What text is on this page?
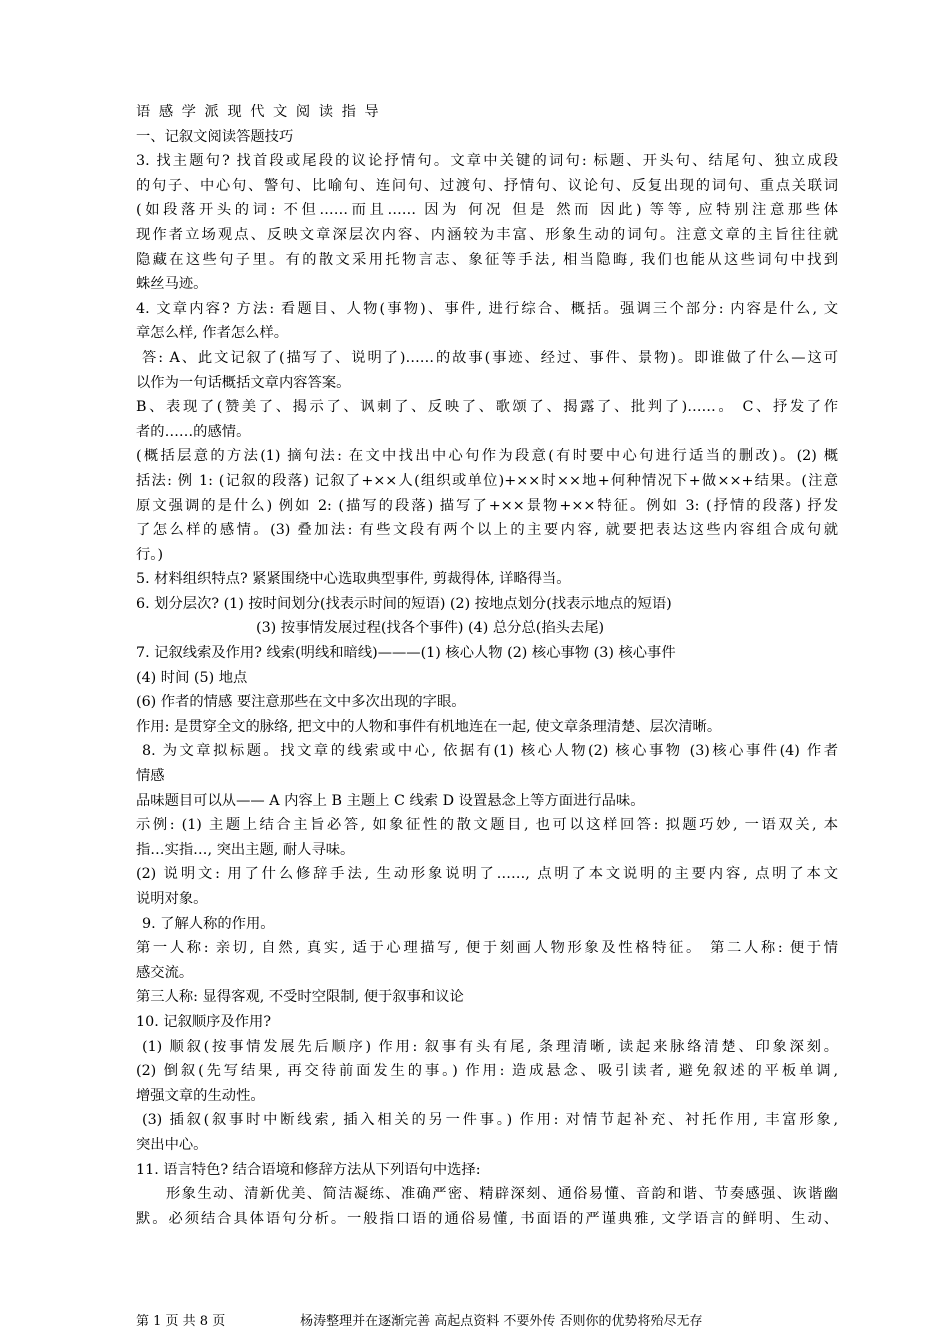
语 感 学 派 现 代 文 阅 读 指 导
一、记叙文阅读答题技巧
3. 找主题句? 找首段或尾段的议论抒情句。文章中关键的词句: 标题、开头句、结尾句、独立成段
的句子、中心句、警句、比喻句、连问句、过渡句、抒情句、议论句、反复出现的词句、重点关联词
(如段落开头的词: 不但……而且…… 因为 何况 但是 然而 因此) 等等, 应特别注意那些体
现作者立场观点、反映文章深层次内容、内涵较为丰富、形象生动的词句。注意文章的主旨往往就
隐藏在这些句子里。有的散文采用托物言志、象征等手法, 相当隐晦, 我们也能从这些词句中找到
蛛丝马迹。
4. 文章内容? 方法: 看题目、人物(事物)、事件, 进行综合、概括。强调三个部分: 内容是什么, 文
章怎么样, 作者怎么样。
答: A、此文记叙了(描写了、说明了)……的故事(事迹、经过、事件、景物)。即谁做了什么—这可
以作为一句话概括文章内容答案。
B、表现了(赞美了、揭示了、讽刺了、反映了、歌颂了、揭露了、批判了)……。 C、抒发了作
者的……的感情。
(概括层意的方法(1) 摘句法: 在文中找出中心句作为段意(有时要中心句进行适当的删改)。(2) 概
括法: 例 1: (记叙的段落) 记叙了+××人(组织或单位)+××时××地+何种情况下+做××+结果。(注意
原文强调的是什么) 例如 2: (描写的段落) 描写了+××景物+××特征。例如 3: (抒情的段落) 抒发
了怎么样的感情。(3) 叠加法: 有些文段有两个以上的主要内容, 就要把表达这些内容组合成句就
行。)
5. 材料组织特点? 紧紧围绕中心选取典型事件, 剪裁得体, 详略得当。
6. 划分层次? (1) 按时间划分(找表示时间的短语) (2) 按地点划分(找表示地点的短语)
(3) 按事情发展过程(找各个事件) (4) 总分总(掐头去尾)
7. 记叙线索及作用? 线索(明线和暗线)———(1) 核心人物 (2) 核心事物 (3) 核心事件
(4) 时间 (5) 地点
(6) 作者的情感 要注意那些在文中多次出现的字眼。
作用: 是贯穿全文的脉络, 把文中的人物和事件有机地连在一起, 使文章条理清楚、层次清晰。
8. 为文章拟标题。找文章的线索或中心, 依据有(1) 核心人物(2) 核心事物 (3)核心事件(4) 作者
情感
品味题目可以从—— A 内容上 B 主题上 C 线索 D 设置悬念上等方面进行品味。
示例: (1) 主题上结合主旨必答, 如象征性的散文题目, 也可以这样回答: 拟题巧妙, 一语双关, 本
指…实指…, 突出主题, 耐人寻味。
(2) 说明文: 用了什么修辞手法, 生动形象说明了……, 点明了本文说明的主要内容, 点明了本文
说明对象。
9. 了解人称的作用。
第一人称: 亲切, 自然, 真实, 适于心理描写, 便于刻画人物形象及性格特征。 第二人称: 便于情
感交流。
第三人称: 显得客观, 不受时空限制, 便于叙事和议论
10. 记叙顺序及作用?
(1) 顺叙(按事情发展先后顺序) 作用: 叙事有头有尾, 条理清晰, 读起来脉络清楚、印象深刻。
(2) 倒叙(先写结果, 再交待前面发生的事。) 作用: 造成悬念、吸引读者, 避免叙述的平板单调,
增强文章的生动性。
(3) 插叙(叙事时中断线索, 插入相关的另一件事。) 作用: 对情节起补充、衬托作用, 丰富形象,
突出中心。
11. 语言特色? 结合语境和修辞方法从下列语句中选择:
形象生动、清新优美、简洁凝练、准确严密、精辟深刻、通俗易懂、音韵和谐、节奏感强、诙谐幽
默。必须结合具体语句分析。一般指口语的通俗易懂, 书面语的严谨典雅, 文学语言的鲜明、生动、
第 1 页 共 8 页	杨涛整理并在逐渐完善 高起点资料 不要外传 否则你的优势将殆尽无存
